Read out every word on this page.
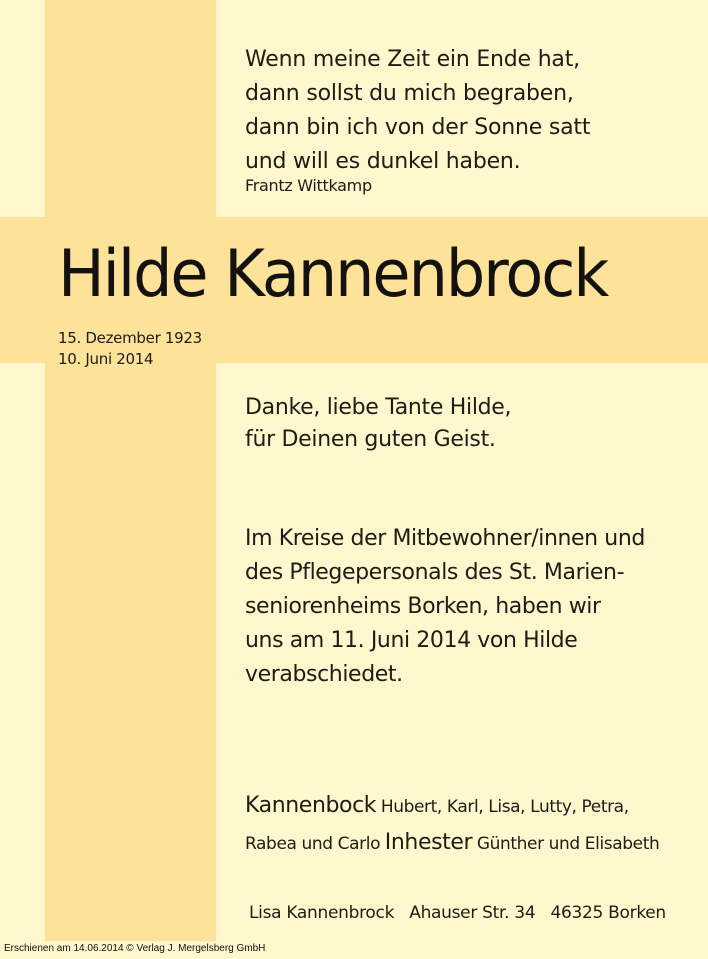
Wenn meine Zeit ein Ende hat,
dann sollst du mich begraben,
dann bin ich von der Sonne satt
und will es dunkel haben.
Frantz Wittkamp
Hilde Kannenbrock
15. Dezember 1923
10. Juni 2014
Danke, liebe Tante Hilde,
für Deinen guten Geist.
Im Kreise der Mitbewohner/innen und
des Pflegepersonals des St. Marien-
seniorenheims Borken, haben wir
uns am 11. Juni 2014 von Hilde
verabschiedet.
Kannenbock Hubert, Karl, Lisa, Lutty, Petra,
Rabea und Carlo Inhester Günther und Elisabeth
Lisa Kannenbrock Ahauser Str. 34 46325 Borken
Erschienen am 14.06.2014 © Verlag J. Mergelsberg GmbH
